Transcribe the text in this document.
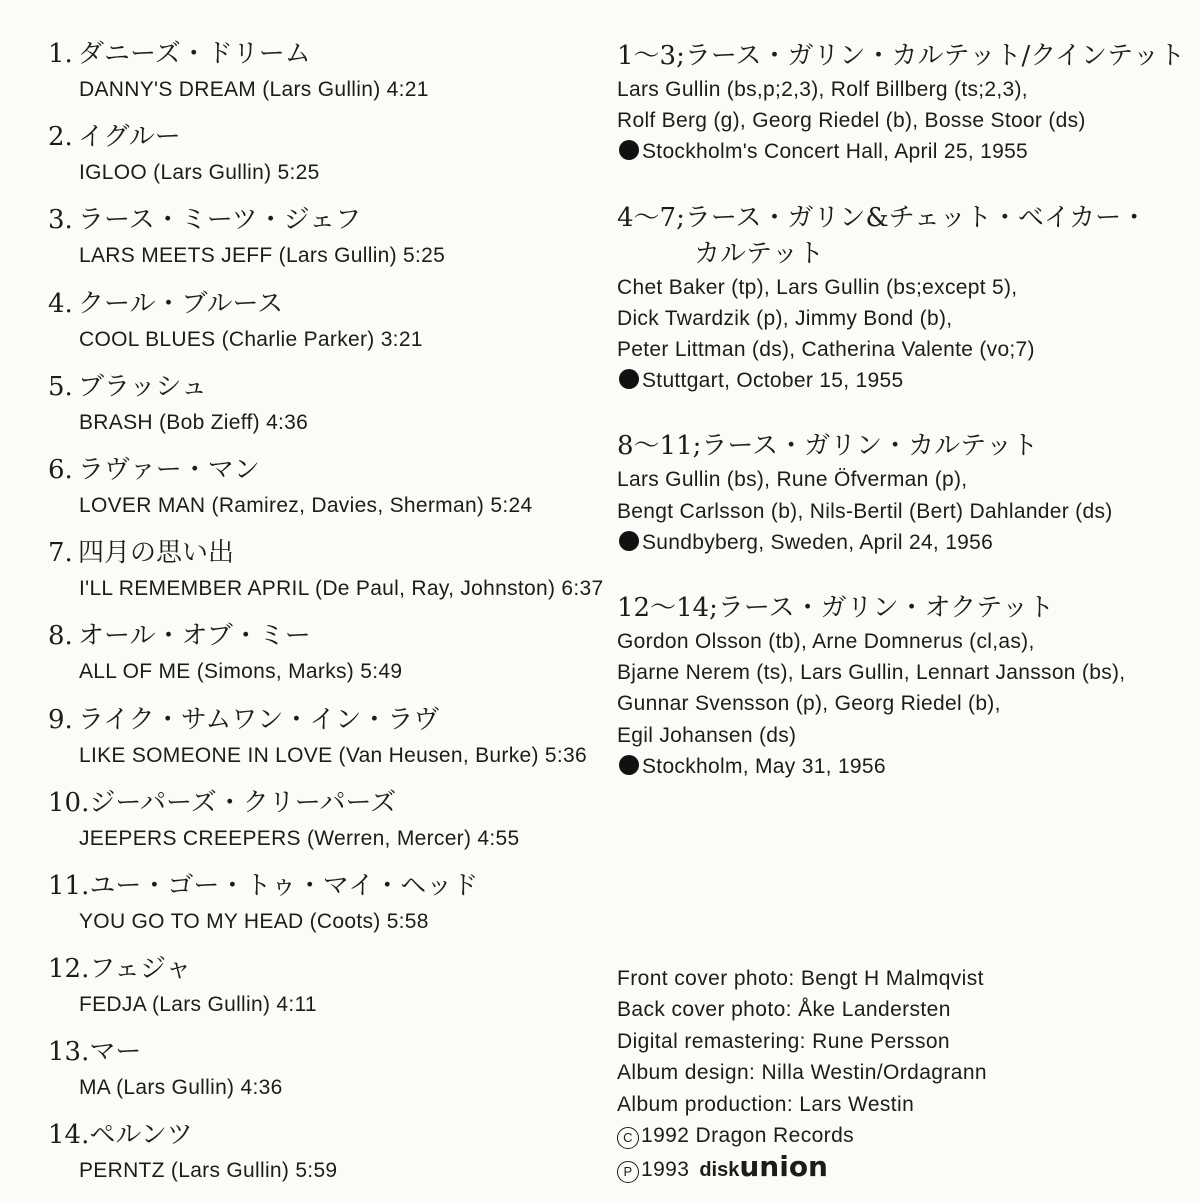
1. ダニーズ・ドリーム
DANNY'S DREAM (Lars Gullin) 4:21
2. イグルー
IGLOO (Lars Gullin) 5:25
3. ラース・ミーツ・ジェフ
LARS MEETS JEFF (Lars Gullin) 5:25
4. クール・ブルース
COOL BLUES (Charlie Parker) 3:21
5. ブラッシュ
BRASH (Bob Zieff) 4:36
6. ラヴァー・マン
LOVER MAN (Ramirez, Davies, Sherman) 5:24
7. 四月の思い出
I'LL REMEMBER APRIL (De Paul, Ray, Johnston) 6:37
8. オール・オブ・ミー
ALL OF ME (Simons, Marks) 5:49
9. ライク・サムワン・イン・ラヴ
LIKE SOMEONE IN LOVE (Van Heusen, Burke) 5:36
10.ジーパーズ・クリーパーズ
JEEPERS CREEPERS (Werren, Mercer) 4:55
11.ユー・ゴー・トゥ・マイ・ヘッド
YOU GO TO MY HEAD (Coots) 5:58
12.フェジャ
FEDJA (Lars Gullin) 4:11
13.マー
MA (Lars Gullin) 4:36
14.ペルンツ
PERNTZ (Lars Gullin) 5:59
1〜3;ラース・ガリン・カルテット/クインテット
Lars Gullin (bs,p;2,3), Rolf Billberg (ts;2,3),
Rolf Berg (g), Georg Riedel (b), Bosse Stoor (ds)
Stockholm's Concert Hall, April 25, 1955
4〜7;ラース・ガリン&チェット・ベイカー・
カルテット
Chet Baker (tp), Lars Gullin (bs;except 5),
Dick Twardzik (p), Jimmy Bond (b),
Peter Littman (ds), Catherina Valente (vo;7)
Stuttgart, October 15, 1955
8〜11;ラース・ガリン・カルテット
Lars Gullin (bs), Rune Öfverman (p),
Bengt Carlsson (b), Nils-Bertil (Bert) Dahlander (ds)
Sundbyberg, Sweden, April 24, 1956
12〜14;ラース・ガリン・オクテット
Gordon Olsson (tb), Arne Domnerus (cl,as),
Bjarne Nerem (ts), Lars Gullin, Lennart Jansson (bs),
Gunnar Svensson (p), Georg Riedel (b),
Egil Johansen (ds)
Stockholm, May 31, 1956
Front cover photo: Bengt H Malmqvist
Back cover photo: Åke Landersten
Digital remastering: Rune Persson
Album design: Nilla Westin/Ordagrann
Album production: Lars Westin
C 1992 Dragon Records
P 1993 diskunion
